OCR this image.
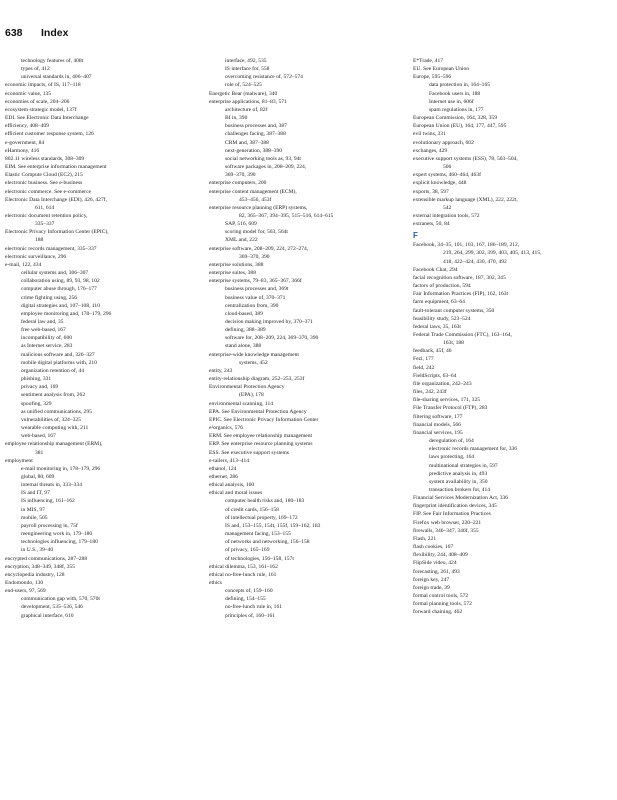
638 Index
technology features of, 408t
types of, 412
universal standards in, 406–407
economic impacts, of IS, 117–118
economic value, 135
economies of scale, 204–206
ecosystem strategic model, 137f
EDI. See Electronic Data Interchange
efficiency, 408–409
efficient customer response system, 126
e-government, 84
eHarmony, 416
802.11 wireless standards, 308–309
EIM. See enterprise information management
Elastic Compute Cloud (EC2), 215
electronic business. See e-business
electronic commerce. See e-commerce
Electronic Data Interchange (EDI), 426, 427f,
611, 614
electronic document retention policy,
335–337
Electronic Privacy Information Center (EPIC),
188
electronic records management, 335–337
electronic surveillance, 296
e-mail, 122, 434
cellular systems and, 306–307
collaboration using, 89, 93, 98, 102
computer abuse through, 176–177
crime fighting using, 256
digital strategies and, 107–108, 110
employee monitoring and, 178–179, 296
federal law and, 35
free web-based, 167
incompatibility of, 600
as Internet service, 283
malicious software and, 326–327
mobile digital platforms with, 210
organization retention of, 44
phishing, 331
privacy and, 169
sentiment analysis from, 262
spoofing, 329
as unified communications, 295
vulnerabilities of, 324–325
wearable computing with, 211
web-based, 167
employee relationship management (ERM),
381
employment
e-mail monitoring in, 178–179, 296
global, 80, 609
internal threats in, 333–334
IS and IT, 97
IS influencing, 161–162
in MIS, 97
mobile, 505
payroll processing in, 75f
reengineering work in, 179–180
technologies influencing, 179–180
in U.S., 39–40
encrypted communications, 287–288
encryption, 348–349, 348f, 355
encyclopedia industry, 128
Endomondo, 130
end-users, 97, 569
communication gap with, 570, 570t
development, 535–536, 546
graphical interface, 610
interface, 492, 535
IS interface for, 558
overcoming resistance of, 572–574
role of, 524–525
Energetic Bear (malware), 340
enterprise applications, 81–83, 571
architecture of, 82f
BI in, 390
business processes and, 387
challenges facing, 387–388
CRM and, 387–388
next-generation, 388–390
social networking tools as, 93, 94t
software packages in, 208–209, 224,
369–370, 390
enterprise computers, 200
enterprise content management (ECM),
453–456, 453f
enterprise resource planning (ERP) systems,
82, 365–367, 394–395, 515–516, 614–615
SAP, 516, 609
scoring model for, 563, 564t
XML and, 222
enterprise software, 208–209, 224, 272–274,
369–370, 390
enterprise solutions, 388
enterprise suites, 388
enterprise systems, 79–83, 365–367, 366f
business processes and, 369t
business value of, 370–371
centralization from, 390
cloud-based, 389
decision making improved by, 370–371
defining, 388–389
software for, 208–209, 224, 369–370, 390
stand alone, 388
enterprise-wide knowledge management
systems, 452
entity, 243
entity-relationship diagram, 252–253, 253f
Environmental Protection Agency
(EPA), 178
environmental scanning, 114
EPA. See Environmental Protection Agency
EPIC. See Electronic Privacy Information Center
e²organics, 576
ERM. See employee relationship management
ERP. See enterprise resource planning systems
ESS. See executive support systems
e-tailers, 413–414
ethanol, 124
ethernet, 286
ethical analysis, 160
ethical and moral issues
computer health risks and, 180–183
of credit cards, 156–158
of intellectual property, 169–172
IS and, 153–155, 154t, 155f, 159–162, 183
management facing, 153–155
of networks and networking, 156–158
of privacy, 165–169
of technologies, 156–158, 157t
ethical dilemma, 153, 161–162
ethical no-free-lunch rule, 161
ethics
concepts of, 159–160
defining, 154–155
no-free-lunch rule in, 161
principles of, 160–161
E*Trade, 417
EU. See European Union
Europe, 595–596
data protection in, 164–165
Facebook users in, 188
Internet use in, 606f
spam regulations in, 177
European Commission, 164, 328, 359
European Union (EU), 164, 177, 447, 595
evil twins, 331
evolutionary approach, 602
exchanges, 429
executive support systems (ESS), 78, 503–504,
506
expert systems, 460–464, 463f
explicit knowledge, 448
exports, 38, 597
extensible markup language (XML), 222, 222t,
542
external integration tools, 572
extranets, 50, 84
F
Facebook, 34–35, 101, 103, 167, 186–189, 212,
219, 264, 299, 302, 399, 403, 405, 413, 415,
418, 422–424, 430, 470, 492
Facebook Chat, 294
facial recognition software, 187, 302, 345
factors of production, 594
Fair Information Practices (FIP), 162, 163t
farm equipment, 63–64
fault-tolerant computer systems, 350
feasibility study, 523–524
federal laws, 35, 163t
Federal Trade Commission (FTC), 163–164,
163t, 188
feedback, 45f, 46
Fezi, 177
field, 242
FieldScripts, 63–64
file organization, 242–243
files, 242, 243f
file-sharing services, 171, 325
File Transfer Protocol (FTP), 283
filtering software, 177
financial models, 566
financial services, 195
deregulation of, 164
electronic records management for, 336
laws protecting, 164
multinational strategies in, 597
predictive analysis in, 493
system availability in, 350
transaction brokers for, 414
Financial Services Modernization Act, 336
fingerprint identification devices, 345
FIP. See Fair Information Practices
Firefox web browser, 220–221
firewalls, 346–347, 346f, 355
Flash, 221
flash cookies, 167
flexibility, 244, 408–409
FlipSide video, 424
forecasting, 261, 493
foreign key, 247
foreign trade, 39
formal control tools, 572
formal planning tools, 572
forward chaining, 462
